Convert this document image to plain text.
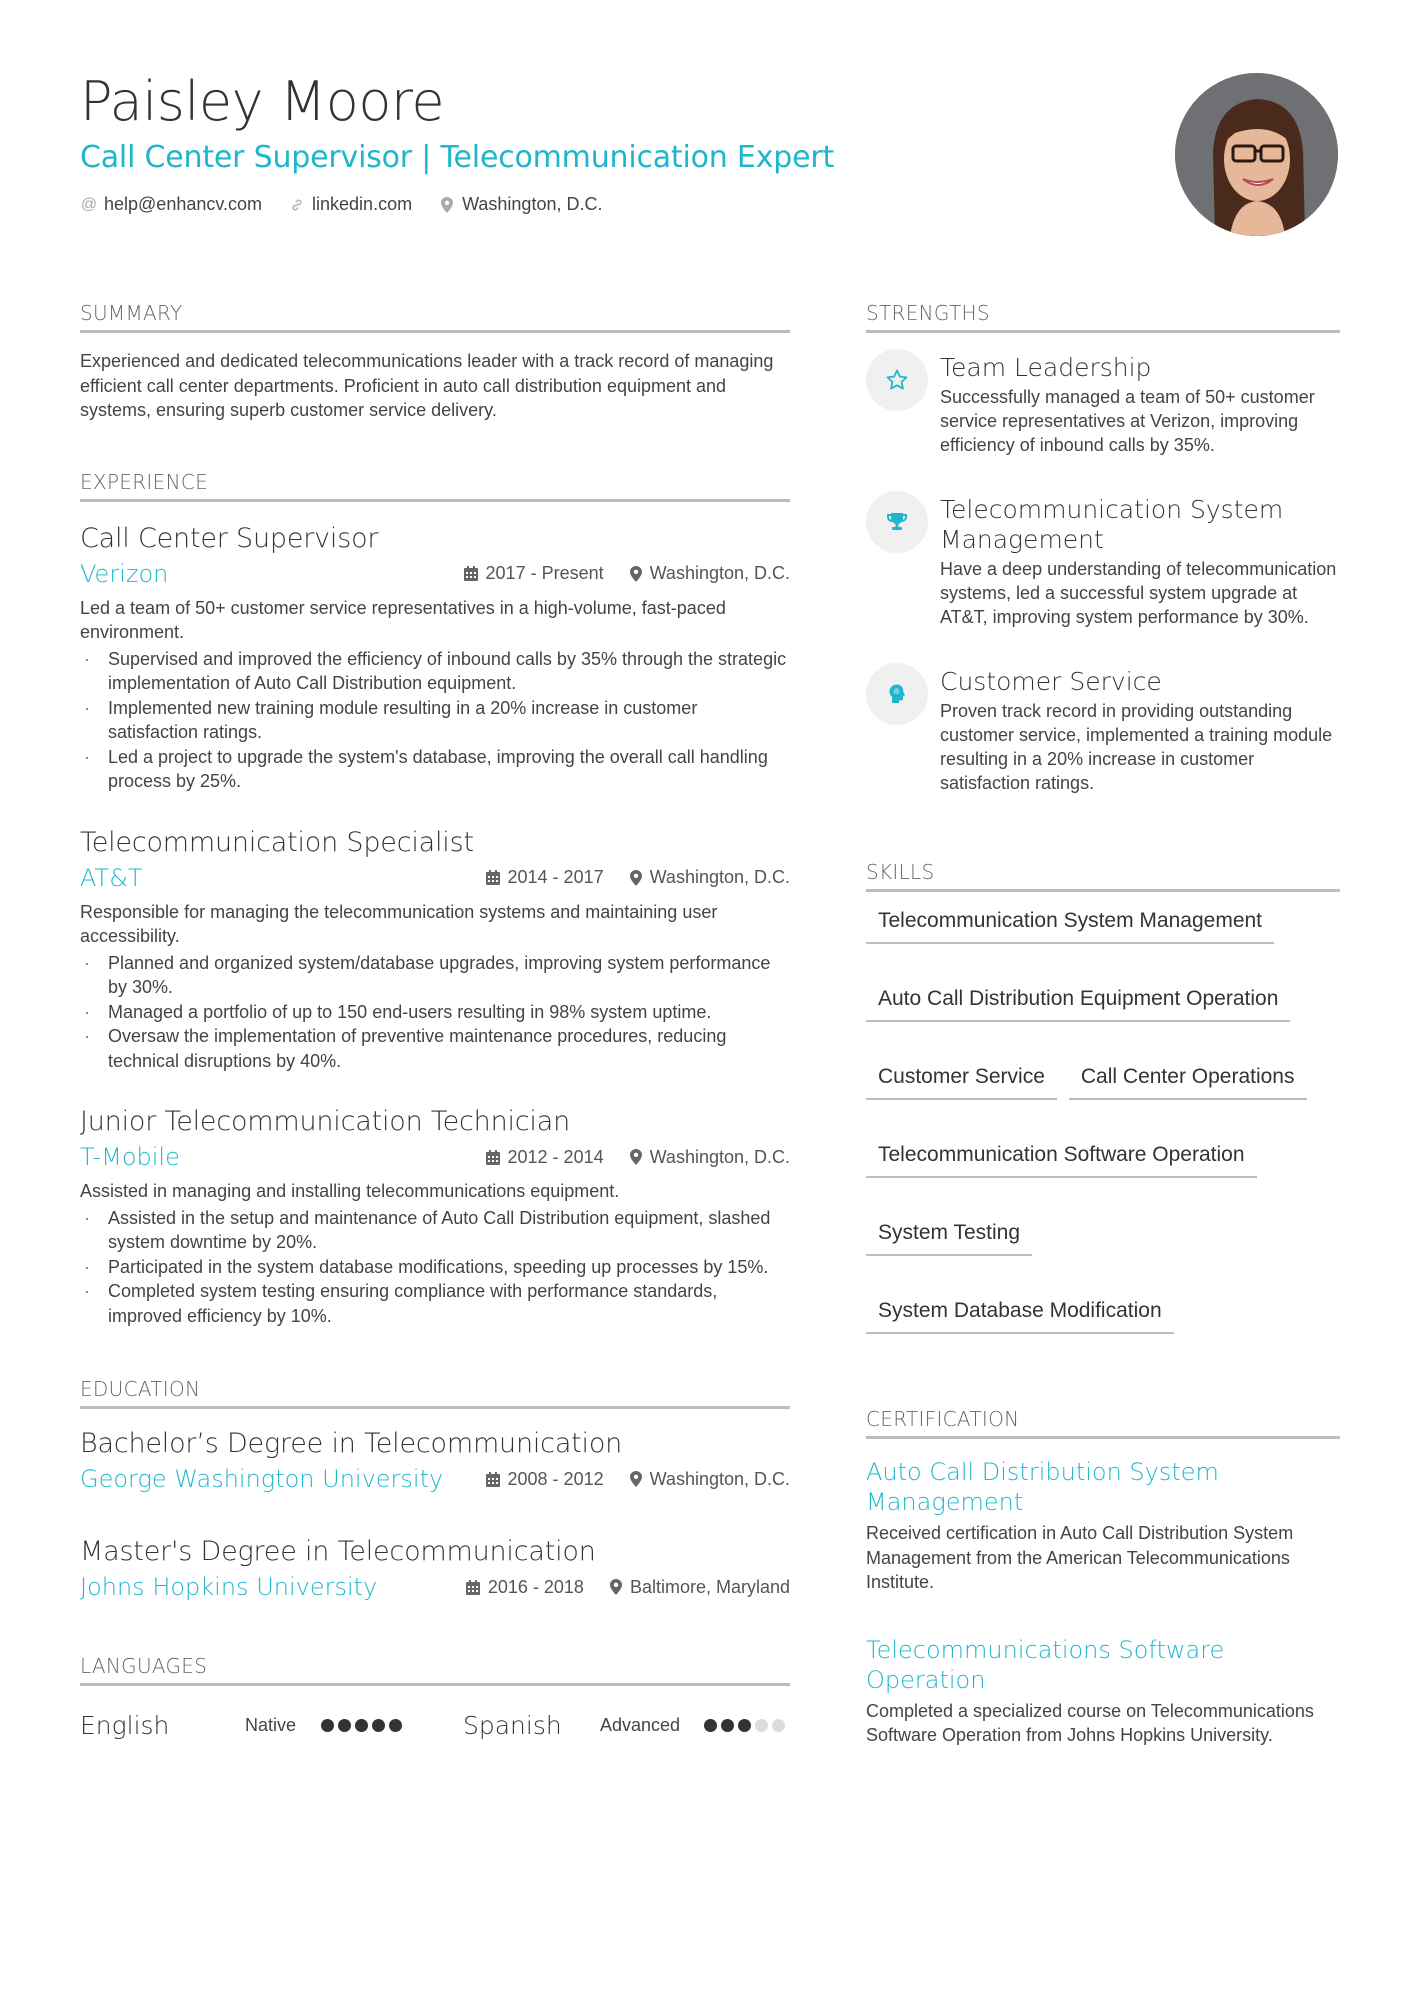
Paisley Moore
Call Center Supervisor | Telecommunication Expert
@ help@enhancv.com	linkedin.com	Washington, D.C.
SUMMARY

Experienced and dedicated telecommunications leader with a track record of managing efficient call center departments. Proficient in auto call distribution equipment and systems, ensuring superb customer service delivery.

EXPERIENCE
Call Center Supervisor
Verizon	2017 - Present	Washington, D.C.

Led a team of 50+ customer service representatives in a high-volume, fast-paced environment.

· Supervised and improved the efficiency of inbound calls by 35% through the strategic implementation of Auto Call Distribution equipment.
· Implemented new training module resulting in a 20% increase in customer satisfaction ratings.
· Led a project to upgrade the system's database, improving the overall call handling process by 25%.
Telecommunication Specialist
AT&T	2014 - 2017	Washington, D.C.

Responsible for managing the telecommunication systems and maintaining user accessibility.

· Planned and organized system/database upgrades, improving system performance by 30%.
· Managed a portfolio of up to 150 end-users resulting in 98% system uptime.
· Oversaw the implementation of preventive maintenance procedures, reducing technical disruptions by 40%.
Junior Telecommunication Technician
T-Mobile	2012 - 2014	Washington, D.C.

Assisted in managing and installing telecommunications equipment.

· Assisted in the setup and maintenance of Auto Call Distribution equipment, slashed system downtime by 20%.
· Participated in the system database modifications, speeding up processes by 15%.
· Completed system testing ensuring compliance with performance standards, improved efficiency by 10%.
EDUCATION
Bachelor’s Degree in Telecommunication
George Washington University	2008 - 2012	Washington, D.C.
Master's Degree in Telecommunication
Johns Hopkins University	2016 - 2018	Baltimore, Maryland
LANGUAGES
English	Native	Spanish	Advanced
STRENGTHS
Team Leadership
Successfully managed a team of 50+ customer service representatives at Verizon, improving efficiency of inbound calls by 35%.
Telecommunication System Management
Have a deep understanding of telecommunication systems, led a successful system upgrade at AT&T, improving system performance by 30%.
Customer Service
Proven track record in providing outstanding customer service, implemented a training module resulting in a 20% increase in customer satisfaction ratings.
SKILLS
Telecommunication System Management
Auto Call Distribution Equipment Operation
Customer Service	Call Center Operations
Telecommunication Software Operation
System Testing
System Database Modification
CERTIFICATION
Auto Call Distribution System Management
Received certification in Auto Call Distribution System Management from the American Telecommunications Institute.
Telecommunications Software Operation
Completed a specialized course on Telecommunications Software Operation from Johns Hopkins University.
